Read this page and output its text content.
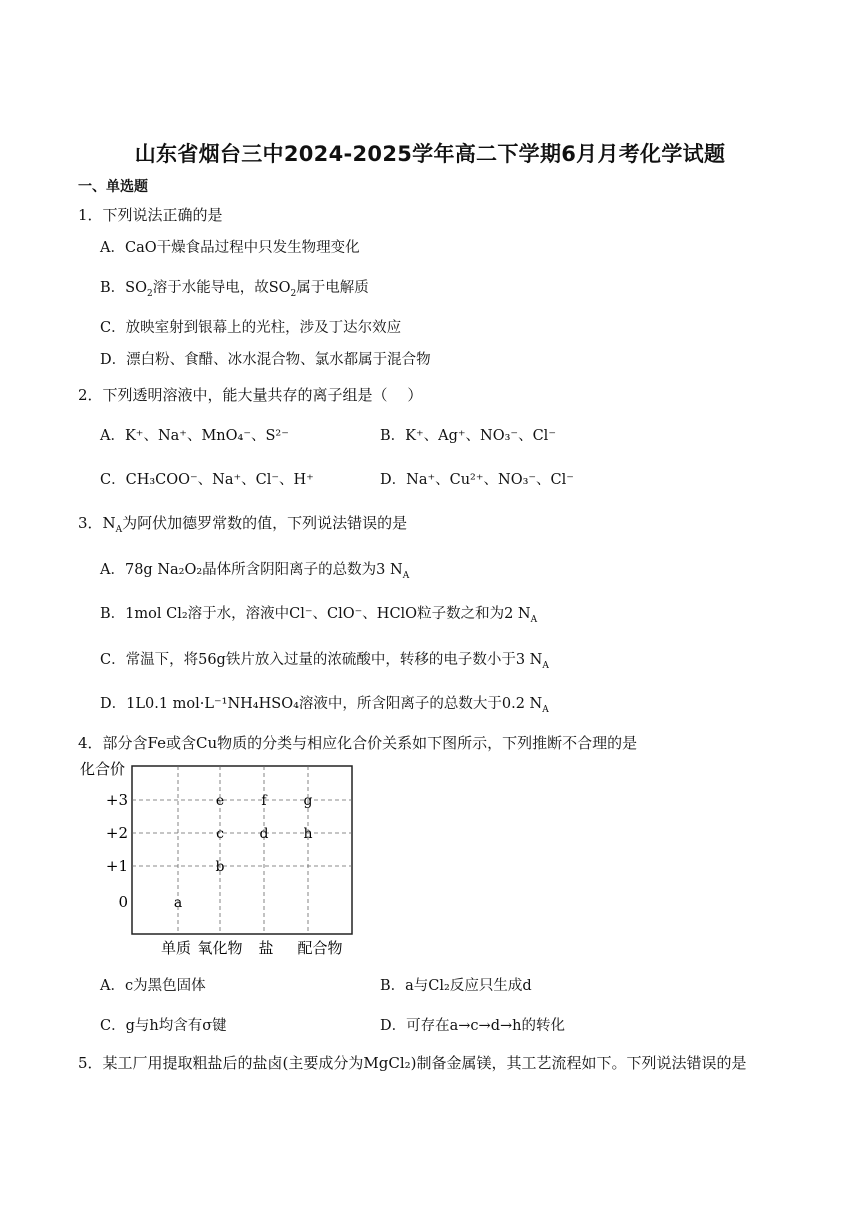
山东省烟台三中2024-2025学年高二下学期6月月考化学试题
一、单选题
1．下列说法正确的是
A．CaO干燥食品过程中只发生物理变化
B．$SO_2$溶于水能导电，故$SO_2$属于电解质
C．放映室射到银幕上的光柱，涉及丁达尔效应
D．漂白粉、食醋、冰水混合物、氯水都属于混合物
2．下列透明溶液中，能大量共存的离子组是（　 ）
A．K⁺、Na⁺、MnO₄⁻、S²⁻	B．K⁺、Ag⁺、NO₃⁻、Cl⁻
C．CH₃COO⁻、Na⁺、Cl⁻、H⁺	D．Na⁺、Cu²⁺、NO₃⁻、Cl⁻
3．$N_A$为阿伏加德罗常数的值，下列说法错误的是
A．78g Na₂O₂晶体所含阴阳离子的总数为3 $N_A$
B．1mol Cl₂溶于水，溶液中Cl⁻、ClO⁻、HClO粒子数之和为2 $N_A$
C．常温下，将56g铁片放入过量的浓硫酸中，转移的电子数小于3 $N_A$
D．1L0.1 mol·L⁻¹NH₄HSO₄溶液中，所含阳离子的总数大于0.2 $N_A$
4．部分含Fe或含Cu物质的分类与相应化合价关系如下图所示，下列推断不合理的是
+3
+2
+1
0
单质 氧化物 盐 配合物
a
b
c
e
d
f
h
g
化合价
A．c为黑色固体	B．a与Cl₂反应只生成d
C．g与h均含有σ键	D．可存在a→c→d→h的转化
5．某工厂用提取粗盐后的盐卤(主要成分为MgCl₂)制备金属镁，其工艺流程如下。下列说法错误的是
